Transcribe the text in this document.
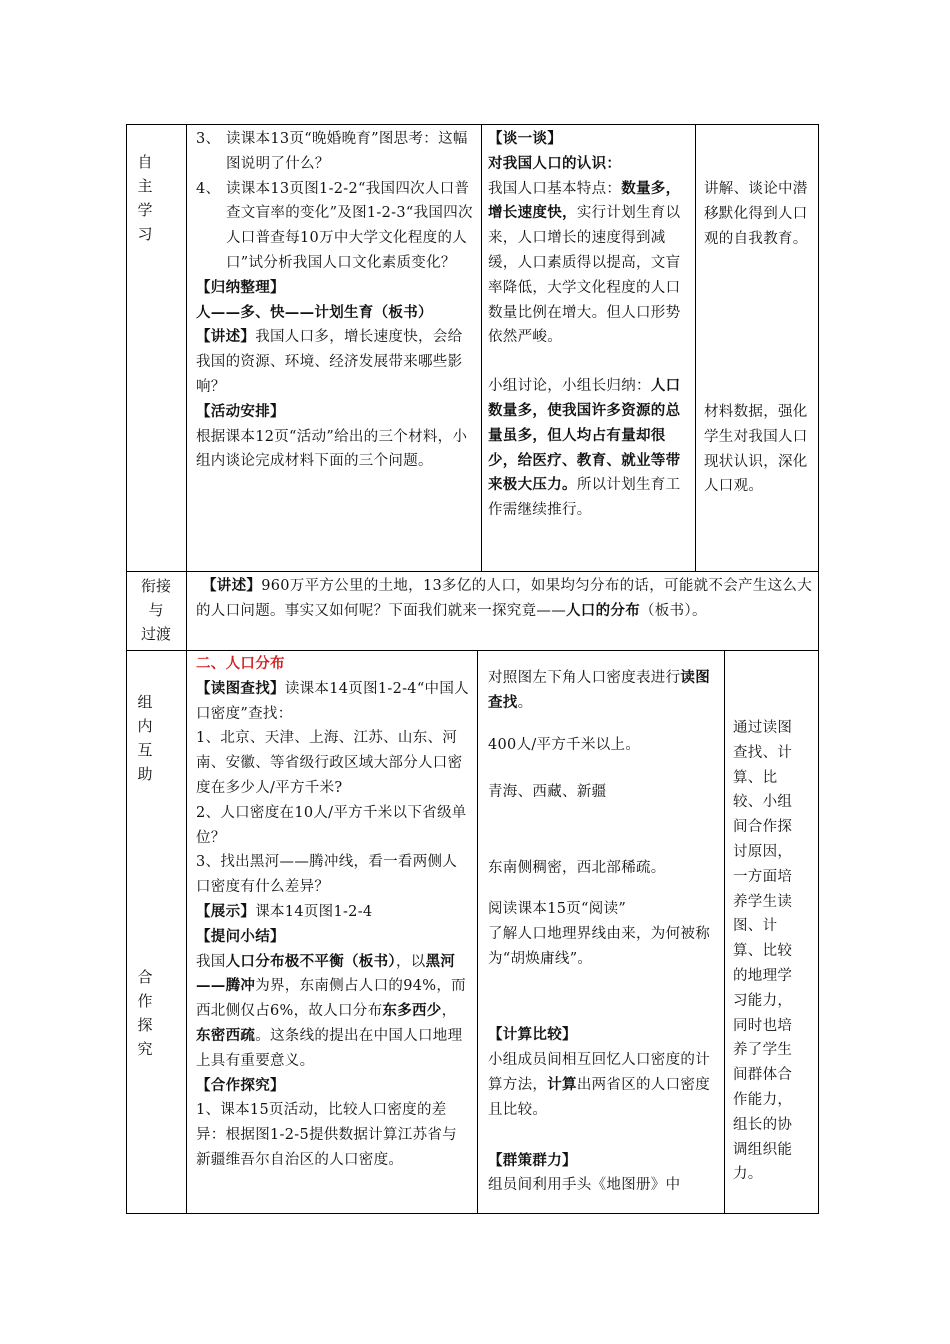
自
主
学
习

3、 读课本13页“晚婚晚育”图思考：这幅图说明了什么？

4、 读课本13页图1-2-2“我国四次人口普查文盲率的变化”及图1-2-3“我国四次人口普查每10万中大学文化程度的人口”试分析我国人口文化素质变化？

【归纳整理】

人——多、快——计划生育（板书）

【讲述】我国人口多，增长速度快，会给我国的资源、环境、经济发展带来哪些影响？

【活动安排】

根据课本12页“活动”给出的三个材料，小组内谈论完成材料下面的三个问题。

【谈一谈】

对我国人口的认识：

我国人口基本特点：数量多，增长速度快，实行计划生育以来，人口增长的速度得到减缓，人口素质得以提高，文盲率降低，大学文化程度的人口数量比例在增大。但人口形势依然严峻。

小组讨论，小组长归纳：人口数量多，使我国许多资源的总量虽多，但人均占有量却很少，给医疗、教育、就业等带来极大压力。所以计划生育工作需继续推行。

讲解、谈论中潜移默化得到人口观的自我教育。

材料数据，强化学生对我国人口现状认识，深化人口观。

衔接
与
过渡

【讲述】960万平方公里的土地，13多亿的人口，如果均匀分布的话，可能就不会产生这么大的人口问题。事实又如何呢？下面我们就来一探究竟——人口的分布（板书）。

组
内
互
助
合
作
探
究

二、人口分布

【读图查找】读课本14页图1-2-4“中国人口密度”查找：

1、北京、天津、上海、江苏、山东、河南、安徽、等省级行政区域大部分人口密度在多少人/平方千米?

2、人口密度在10人/平方千米以下省级单位？

3、找出黑河——腾冲线，看一看两侧人口密度有什么差异？

【展示】课本14页图1-2-4

【提问小结】

我国人口分布极不平衡（板书），以黑河——腾冲为界，东南侧占人口的94%，而西北侧仅占6%，故人口分布东多西少，东密西疏。这条线的提出在中国人口地理上具有重要意义。

【合作探究】

1、课本15页活动，比较人口密度的差异：根据图1-2-5提供数据计算江苏省与新疆维吾尔自治区的人口密度。

对照图左下角人口密度表进行读图查找。

400人/平方千米以上。

青海、西藏、新疆

东南侧稠密，西北部稀疏。

阅读课本15页“阅读”

了解人口地理界线由来，为何被称为“胡焕庸线”。

【计算比较】

小组成员间相互回忆人口密度的计算方法，计算出两省区的人口密度且比较。

【群策群力】

组员间利用手头《地图册》中

通过读图查找、计算、比较、小组间合作探讨原因，一方面培养学生读图、计算、比较的地理学习能力，同时也培养了学生间群体合作能力，组长的协调组织能力。
